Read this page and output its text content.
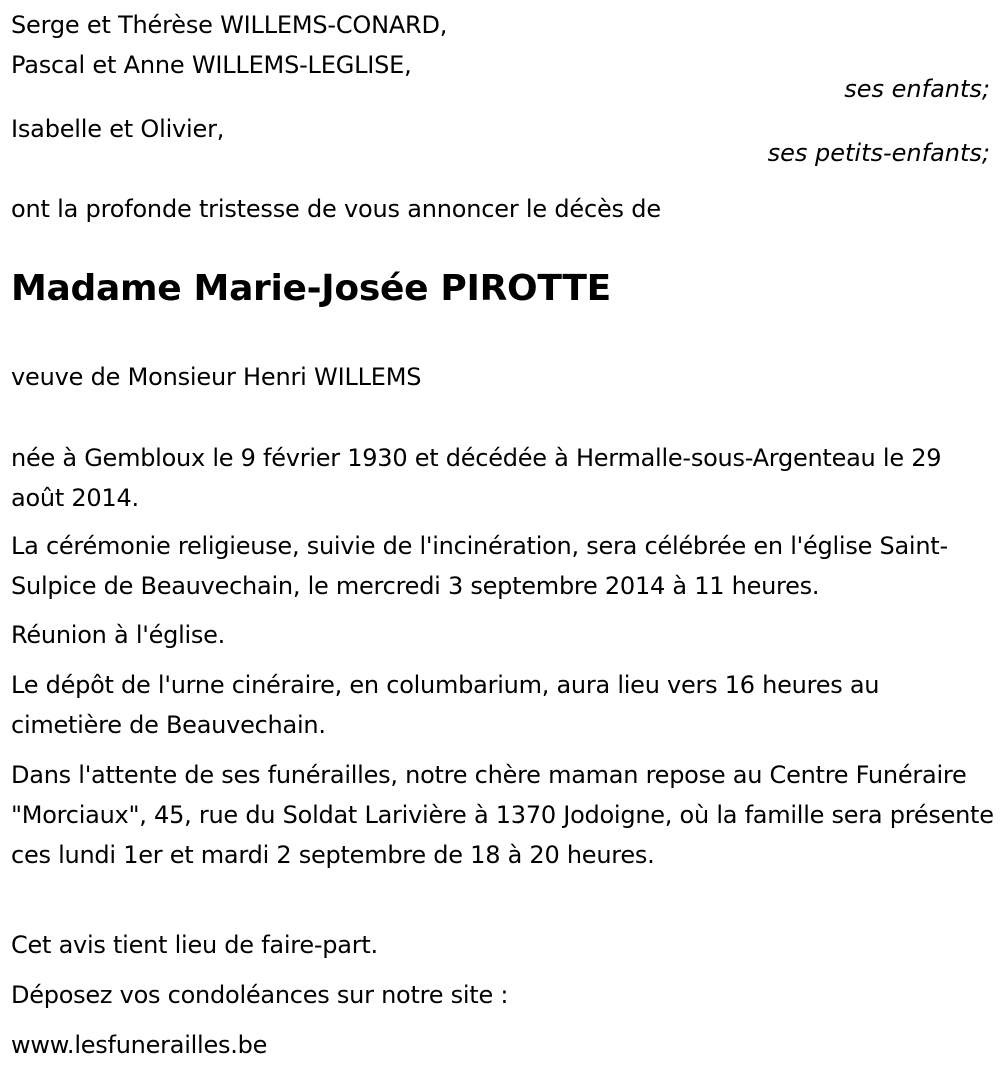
Serge et Thérèse WILLEMS-CONARD,
Pascal et Anne WILLEMS-LEGLISE,
ses enfants;
Isabelle et Olivier,
ses petits-enfants;
ont la profonde tristesse de vous annoncer le décès de
Madame Marie-Josée PIROTTE
veuve de Monsieur Henri WILLEMS
née à Gembloux le 9 février 1930 et décédée à Hermalle-sous-Argenteau le 29 août 2014.
La cérémonie religieuse, suivie de l'incinération, sera célébrée en l'église Saint-Sulpice de Beauvechain, le mercredi 3 septembre 2014 à 11 heures.
Réunion à l'église.
Le dépôt de l'urne cinéraire, en columbarium, aura lieu vers 16 heures au cimetière de Beauvechain.
Dans l'attente de ses funérailles, notre chère maman repose au Centre Funéraire "Morciaux", 45, rue du Soldat Larivière à 1370 Jodoigne, où la famille sera présente ces lundi 1er et mardi 2 septembre de 18 à 20 heures.
Cet avis tient lieu de faire-part.
Déposez vos condoléances sur notre site :
www.lesfunerailles.be
